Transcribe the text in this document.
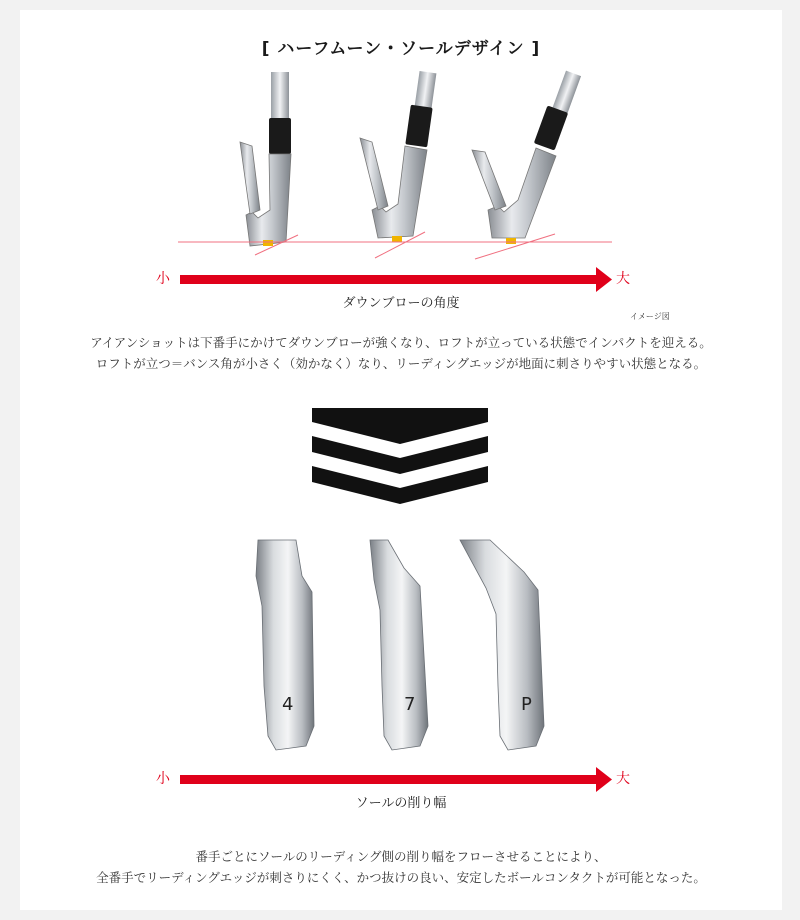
[ ハーフムーン・ソールデザイン ]
小	大
ダウンブローの角度
イメージ図
アイアンショットは下番手にかけてダウンブローが強くなり、ロフトが立っている状態でインパクトを迎える。
ロフトが立つ＝バンス角が小さく（効かなく）なり、リーディングエッジが地面に刺さりやすい状態となる。
4	7	P
小	大
ソールの削り幅
番手ごとにソールのリーディング側の削り幅をフローさせることにより、
全番手でリーディングエッジが刺さりにくく、かつ抜けの良い、安定したボールコンタクトが可能となった。
